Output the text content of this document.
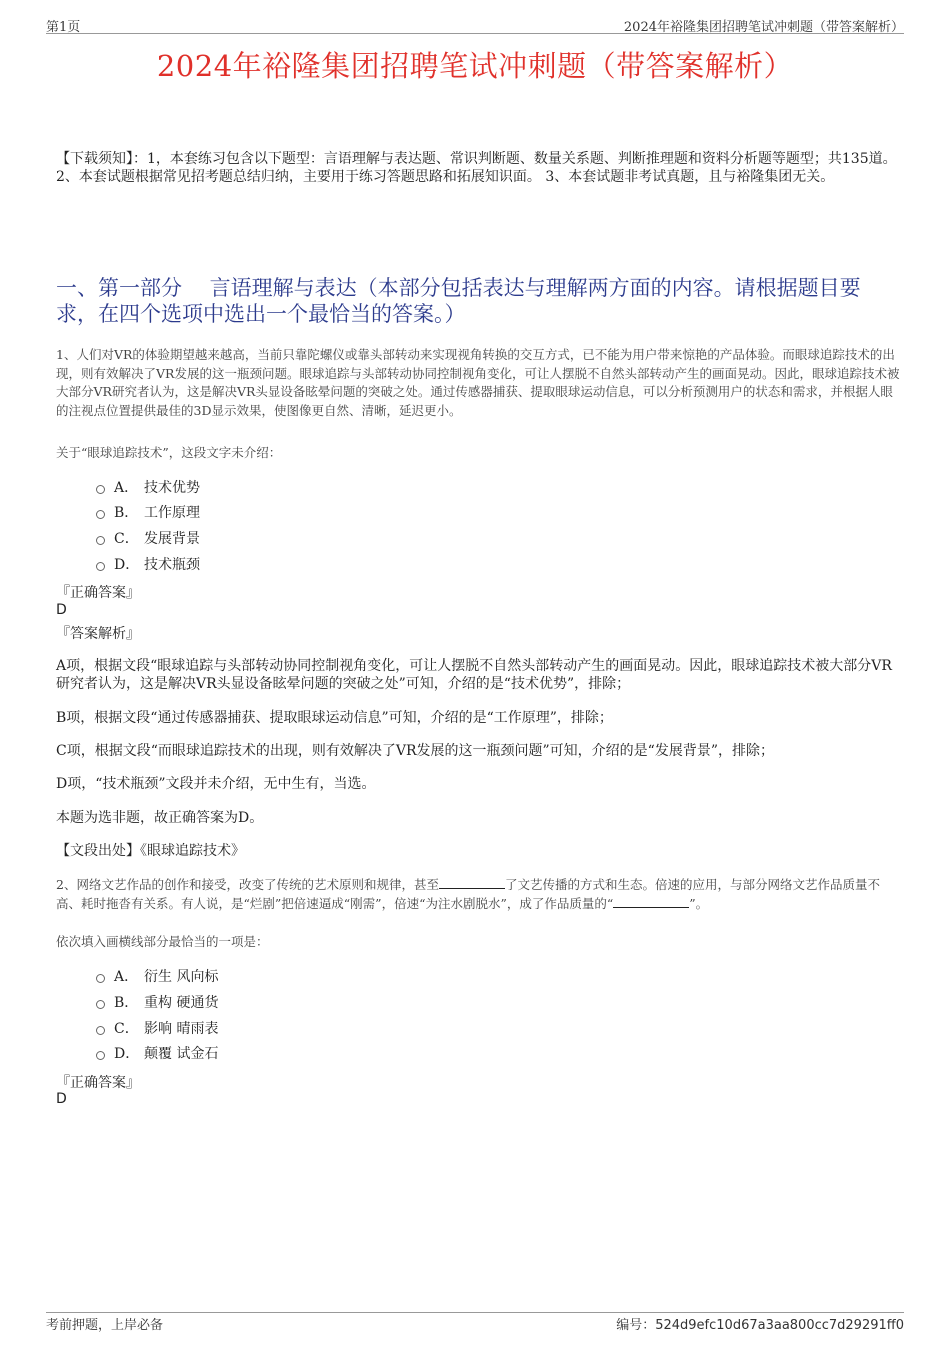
第1页	2024年裕隆集团招聘笔试冲刺题（带答案解析）
2024年裕隆集团招聘笔试冲刺题（带答案解析）
【下载须知】：1，本套练习包含以下题型：言语理解与表达题、常识判断题、数量关系题、判断推理题和资料分析题等题型；共135道。 2、本套试题根据常见招考题总结归纳，主要用于练习答题思路和拓展知识面。 3、本套试题非考试真题，且与裕隆集团无关。
一、第一部分　 言语理解与表达（本部分包括表达与理解两方面的内容。请根据题目要求，在四个选项中选出一个最恰当的答案。）
1、人们对VR的体验期望越来越高，当前只靠陀螺仪或靠头部转动来实现视角转换的交互方式，已不能为用户带来惊艳的产品体验。而眼球追踪技术的出现，则有效解决了VR发展的这一瓶颈问题。眼球追踪与头部转动协同控制视角变化，可让人摆脱不自然头部转动产生的画面晃动。因此，眼球追踪技术被大部分VR研究者认为，这是解决VR头显设备眩晕问题的突破之处。通过传感器捕获、提取眼球运动信息，可以分析预测用户的状态和需求，并根据人眼的注视点位置提供最佳的3D显示效果，使图像更自然、清晰，延迟更小。
关于“眼球追踪技术”，这段文字未介绍：
A． 技术优势
B． 工作原理
C． 发展背景
D． 技术瓶颈
『正确答案』
D
『答案解析』
A项，根据文段“眼球追踪与头部转动协同控制视角变化，可让人摆脱不自然头部转动产生的画面晃动。因此，眼球追踪技术被大部分VR研究者认为，这是解决VR头显设备眩晕问题的突破之处”可知，介绍的是“技术优势”，排除；
B项，根据文段“通过传感器捕获、提取眼球运动信息”可知，介绍的是“工作原理”，排除；
C项，根据文段“而眼球追踪技术的出现，则有效解决了VR发展的这一瓶颈问题”可知，介绍的是“发展背景”，排除；
D项，“技术瓶颈”文段并未介绍，无中生有，当选。
本题为选非题，故正确答案为D。
【文段出处】《眼球追踪技术》
2、网络文艺作品的创作和接受，改变了传统的艺术原则和规律，甚至	了文艺传播的方式和生态。倍速的应用，与部分网络文艺作品质量不高、耗时拖沓有关系。有人说，是“烂剧”把倍速逼成“刚需”，倍速“为注水剧脱水”，成了作品质量的“	”。
依次填入画横线部分最恰当的一项是：
A． 衍生 风向标
B． 重构 硬通货
C． 影响 晴雨表
D． 颠覆 试金石
『正确答案』
D
考前押题，上岸必备	编号：524d9efc10d67a3aa800cc7d29291ff0
